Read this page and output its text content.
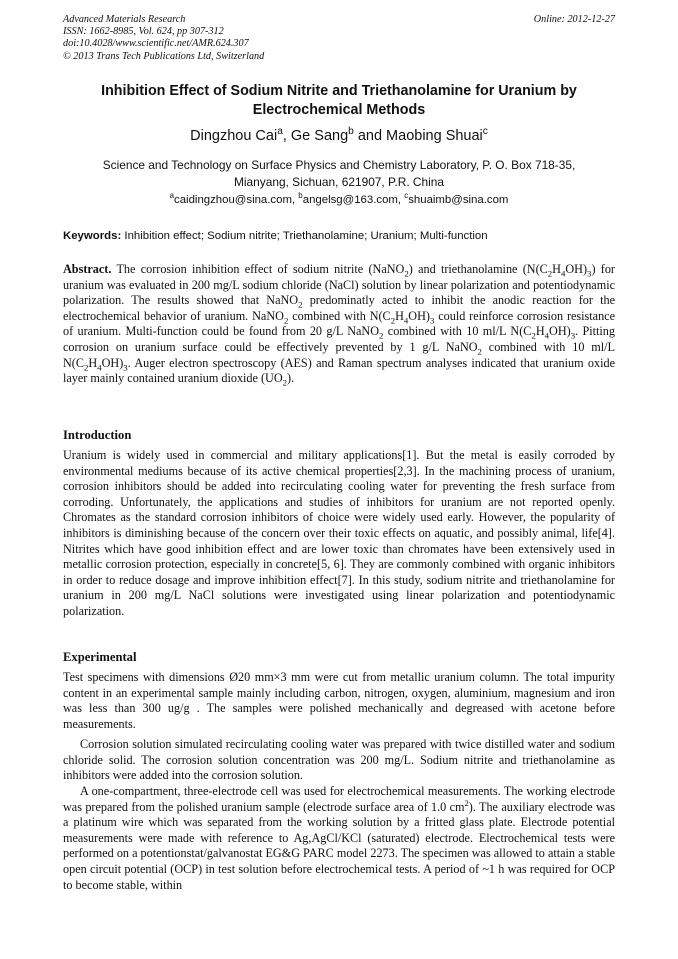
Advanced Materials Research
ISSN: 1662-8985, Vol. 624, pp 307-312
doi:10.4028/www.scientific.net/AMR.624.307
© 2013 Trans Tech Publications Ltd, Switzerland
Online: 2012-12-27
Inhibition Effect of Sodium Nitrite and Triethanolamine for Uranium by Electrochemical Methods
Dingzhou Cai$^a$, Ge Sang$^b$ and Maobing Shuai$^c$
Science and Technology on Surface Physics and Chemistry Laboratory, P. O. Box 718-35,
Mianyang, Sichuan, 621907, P.R. China
$^a$caidingzhou@sina.com, $^b$angelsg@163.com, $^c$shuaimb@sina.com
Keywords: Inhibition effect; Sodium nitrite; Triethanolamine; Uranium; Multi-function
Abstract. The corrosion inhibition effect of sodium nitrite (NaNO$_2$) and triethanolamine $(N(C_2H_4OH)_3)$ for uranium was evaluated in 200 mg/L sodium chloride (NaCl) solution by linear polarization and potentiodynamic polarization. The results showed that NaNO$_2$ predominatly acted to inhibit the anodic reaction for the electrochemical behavior of uranium. NaNO$_2$ combined with $N(C_2H_4OH)_3$ could reinforce corrosion resistance of uranium. Multi-function could be found from 20 g/L NaNO$_2$ combined with 10 ml/L $N(C_2H_4OH)_3$. Pitting corrosion on uranium surface could be effectively prevented by 1 g/L NaNO$_2$ combined with 10 ml/L $N(C_2H_4OH)_3$. Auger electron spectroscopy (AES) and Raman spectrum analyses indicated that uranium oxide layer mainly contained uranium dioxide $(UO_2)$.
Introduction
Uranium is widely used in commercial and military applications[1]. But the metal is easily corroded by environmental mediums because of its active chemical properties[2,3]. In the machining process of uranium, corrosion inhibitors should be added into recirculating cooling water for preventing the fresh surface from corroding. Unfortunately, the applications and studies of inhibitors for uranium are not reported openly. Chromates as the standard corrosion inhibitors of choice were widely used early. However, the popularity of inhibitors is diminishing because of the concern over their toxic effects on aquatic, and possibly animal, life[4]. Nitrites which have good inhibition effect and are lower toxic than chromates have been extensively used in metallic corrosion protection, especially in concrete[5, 6]. They are commonly combined with organic inhibitors in order to reduce dosage and improve inhibition effect[7]. In this study, sodium nitrite and triethanolamine for uranium in 200 mg/L NaCl solutions were investigated using linear polarization and potentiodynamic polarization.
Experimental
Test specimens with dimensions Ø20 mm×3 mm were cut from metallic uranium column. The total impurity content in an experimental sample mainly including carbon, nitrogen, oxygen, aluminium, magnesium and iron was less than 300 ug/g . The samples were polished mechanically and degreased with acetone before measurements.
Corrosion solution simulated recirculating cooling water was prepared with twice distilled water and sodium chloride solid. The corrosion solution concentration was 200 mg/L. Sodium nitrite and triethanolamine as inhibitors were added into the corrosion solution.
A one-compartment, three-electrode cell was used for electrochemical measurements. The working electrode was prepared from the polished uranium sample (electrode surface area of 1.0 $cm^2$). The auxiliary electrode was a platinum wire which was separated from the working solution by a fritted glass plate. Electrode potential measurements were made with reference to Ag,AgCl/KCl (saturated) electrode. Electrochemical tests were performed on a potentionstat/galvanostat EG&G PARC model 2273. The specimen was allowed to attain a stable open circuit potential (OCP) in test solution before electrochemical tests. A period of ~1 h was required for OCP to become stable, within
